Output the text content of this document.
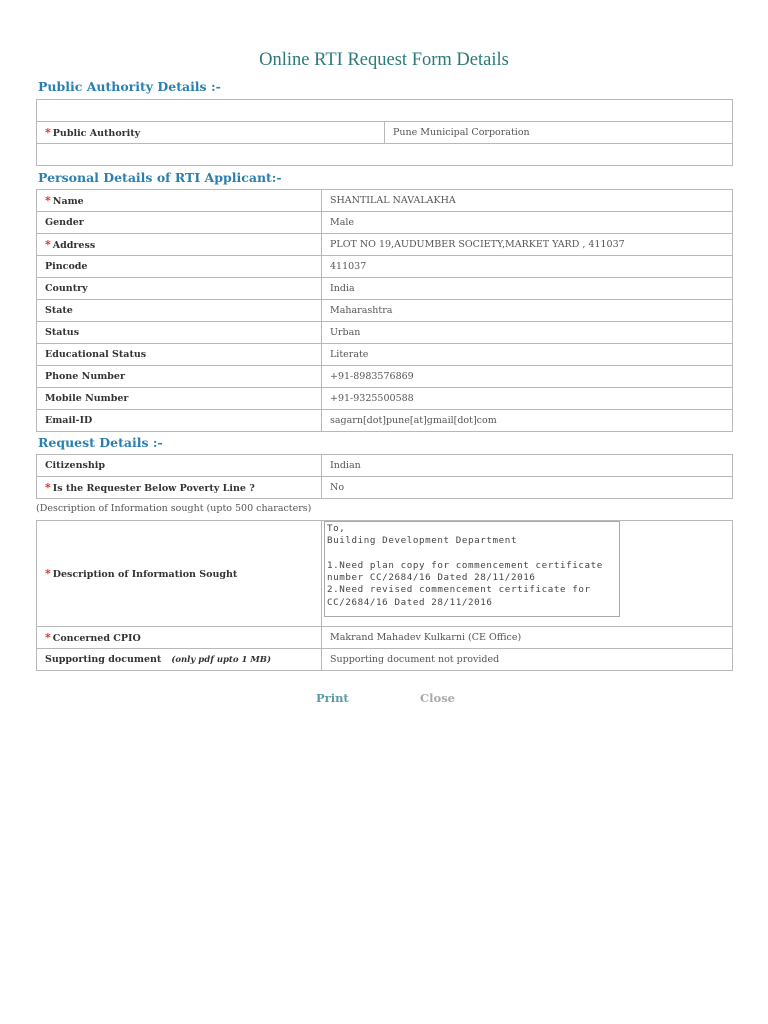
Online RTI Request Form Details
Public Authority Details :-

* Public Authority	Pune Municipal Corporation

Personal Details of RTI Applicant:-
* Name	SHANTILAL NAVALAKHA
Gender	Male
* Address	PLOT NO 19,AUDUMBER SOCIETY,MARKET YARD , 411037
Pincode	411037
Country	India
State	Maharashtra
Status	Urban
Educational Status	Literate
Phone Number	+91-8983576869
Mobile Number	+91-9325500588
Email-ID	sagarn[dot]pune[at]gmail[dot]com
Request Details :-
Citizenship	Indian
* Is the Requester Below Poverty Line ?	No
(Description of Information sought (upto 500 characters)
* Description of Information Sought	To,
Building Development Department

1.Need plan copy for commencement certificate number CC/2684/16 Dated 28/11/2016
2.Need revised commencement certificate for CC/2684/16 Dated 28/11/2016

* Concerned CPIO	Makrand Mahadev Kulkarni (CE Office)
Supporting document (only pdf upto 1 MB)	Supporting document not provided
Print	Close
